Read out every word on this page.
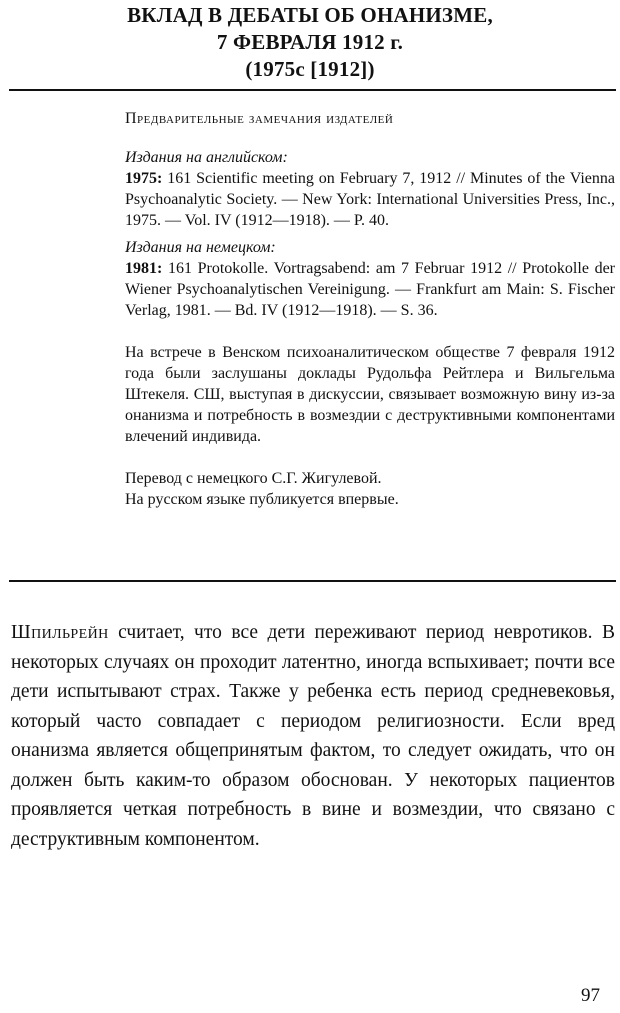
ВКЛАД В ДЕБАТЫ ОБ ОНАНИЗМЕ,
7 ФЕВРАЛЯ 1912 г.
(1975c [1912])
Предварительные замечания издателей
Издания на английском:
1975: 161 Scientific meeting on February 7, 1912 // Minutes of the Vienna Psychoanalytic Society. — New York: International Universities Press, Inc., 1975. — Vol. IV (1912—1918). — P. 40.
Издания на немецком:
1981: 161 Protokolle. Vortragsabend: am 7 Februar 1912 // Protokolle der Wiener Psychoanalytischen Vereinigung. — Frankfurt am Main: S. Fischer Verlag, 1981. — Bd. IV (1912—1918). — S. 36.
На встрече в Венском психоаналитическом обществе 7 февраля 1912 года были заслушаны доклады Рудольфа Рейтлера и Вильгельма Штекеля. СШ, выступая в дискуссии, связывает возможную вину из-за онанизма и потребность в возмездии с деструктивными компонентами влечений индивида.
Перевод с немецкого С.Г. Жигулевой.
На русском языке публикуется впервые.
Шпильрейн считает, что все дети переживают период невротиков. В некоторых случаях он проходит латентно, иногда вспыхивает; почти все дети испытывают страх. Также у ребенка есть период средневековья, который часто совпадает с периодом религиозности. Если вред онанизма является общепринятым фактом, то следует ожидать, что он должен быть каким-то образом обоснован. У некоторых пациентов проявляется четкая потребность в вине и возмездии, что связано с деструктивным компонентом.
97
